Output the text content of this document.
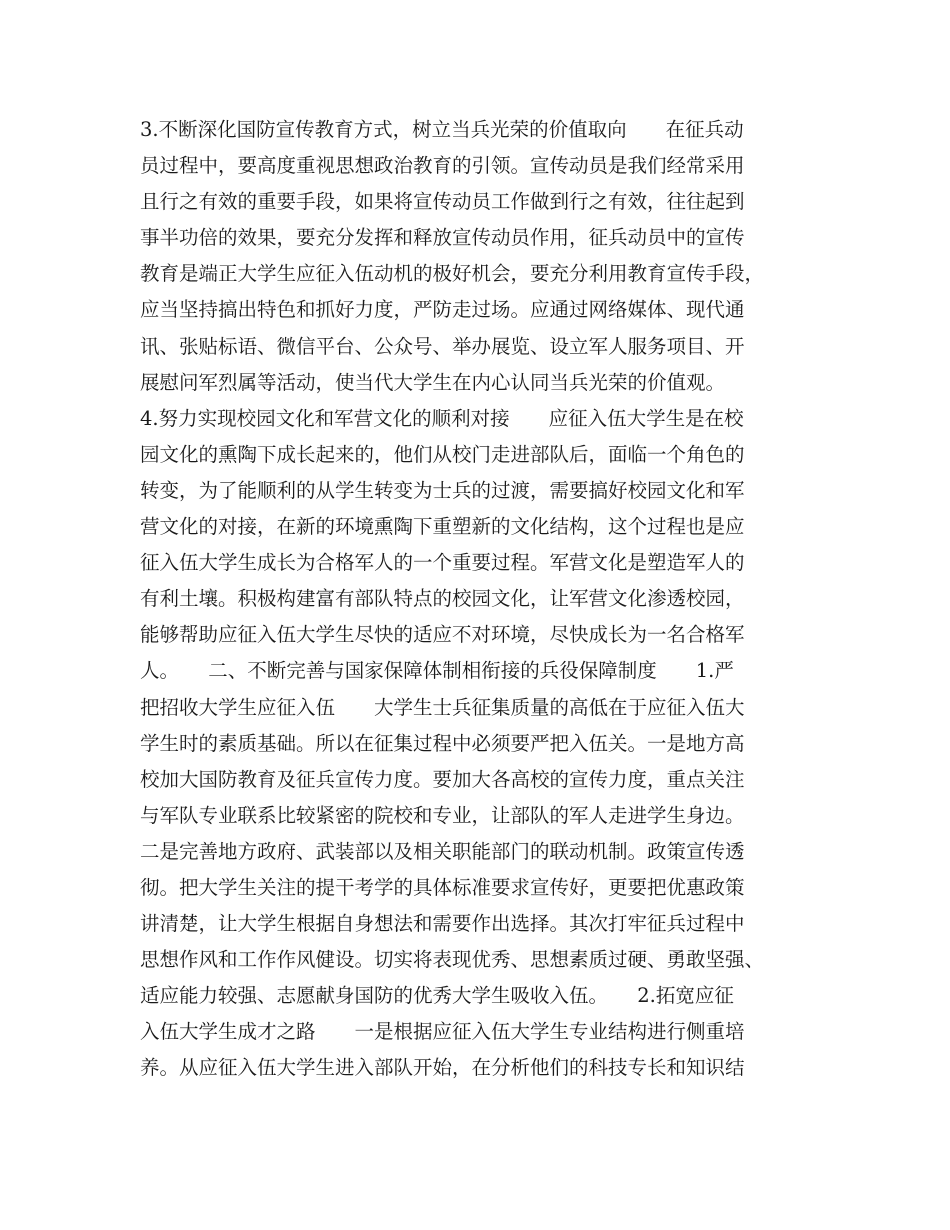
3.不断深化国防宣传教育方式，树立当兵光荣的价值取向　　在征兵动
员过程中，要高度重视思想政治教育的引领。宣传动员是我们经常采用
且行之有效的重要手段，如果将宣传动员工作做到行之有效，往往起到
事半功倍的效果，要充分发挥和释放宣传动员作用，征兵动员中的宣传
教育是端正大学生应征入伍动机的极好机会，要充分利用教育宣传手段，
应当坚持搞出特色和抓好力度，严防走过场。应通过网络媒体、现代通
讯、张贴标语、微信平台、公众号、举办展览、设立军人服务项目、开
展慰问军烈属等活动，使当代大学生在内心认同当兵光荣的价值观。
4.努力实现校园文化和军营文化的顺利对接　　应征入伍大学生是在校
园文化的熏陶下成长起来的，他们从校门走进部队后，面临一个角色的
转变，为了能顺利的从学生转变为士兵的过渡，需要搞好校园文化和军
营文化的对接，在新的环境熏陶下重塑新的文化结构，这个过程也是应
征入伍大学生成长为合格军人的一个重要过程。军营文化是塑造军人的
有利土壤。积极构建富有部队特点的校园文化，让军营文化渗透校园，
能够帮助应征入伍大学生尽快的适应不对环境，尽快成长为一名合格军
人。　　二、不断完善与国家保障体制相衔接的兵役保障制度　　1.严
把招收大学生应征入伍　　大学生士兵征集质量的高低在于应征入伍大
学生时的素质基础。所以在征集过程中必须要严把入伍关。一是地方高
校加大国防教育及征兵宣传力度。要加大各高校的宣传力度，重点关注
与军队专业联系比较紧密的院校和专业，让部队的军人走进学生身边。
二是完善地方政府、武装部以及相关职能部门的联动机制。政策宣传透
彻。把大学生关注的提干考学的具体标准要求宣传好，更要把优惠政策
讲清楚，让大学生根据自身想法和需要作出选择。其次打牢征兵过程中
思想作风和工作作风健设。切实将表现优秀、思想素质过硬、勇敢坚强、
适应能力较强、志愿献身国防的优秀大学生吸收入伍。　　2.拓宽应征
入伍大学生成才之路　　一是根据应征入伍大学生专业结构进行侧重培
养。从应征入伍大学生进入部队开始，在分析他们的科技专长和知识结
